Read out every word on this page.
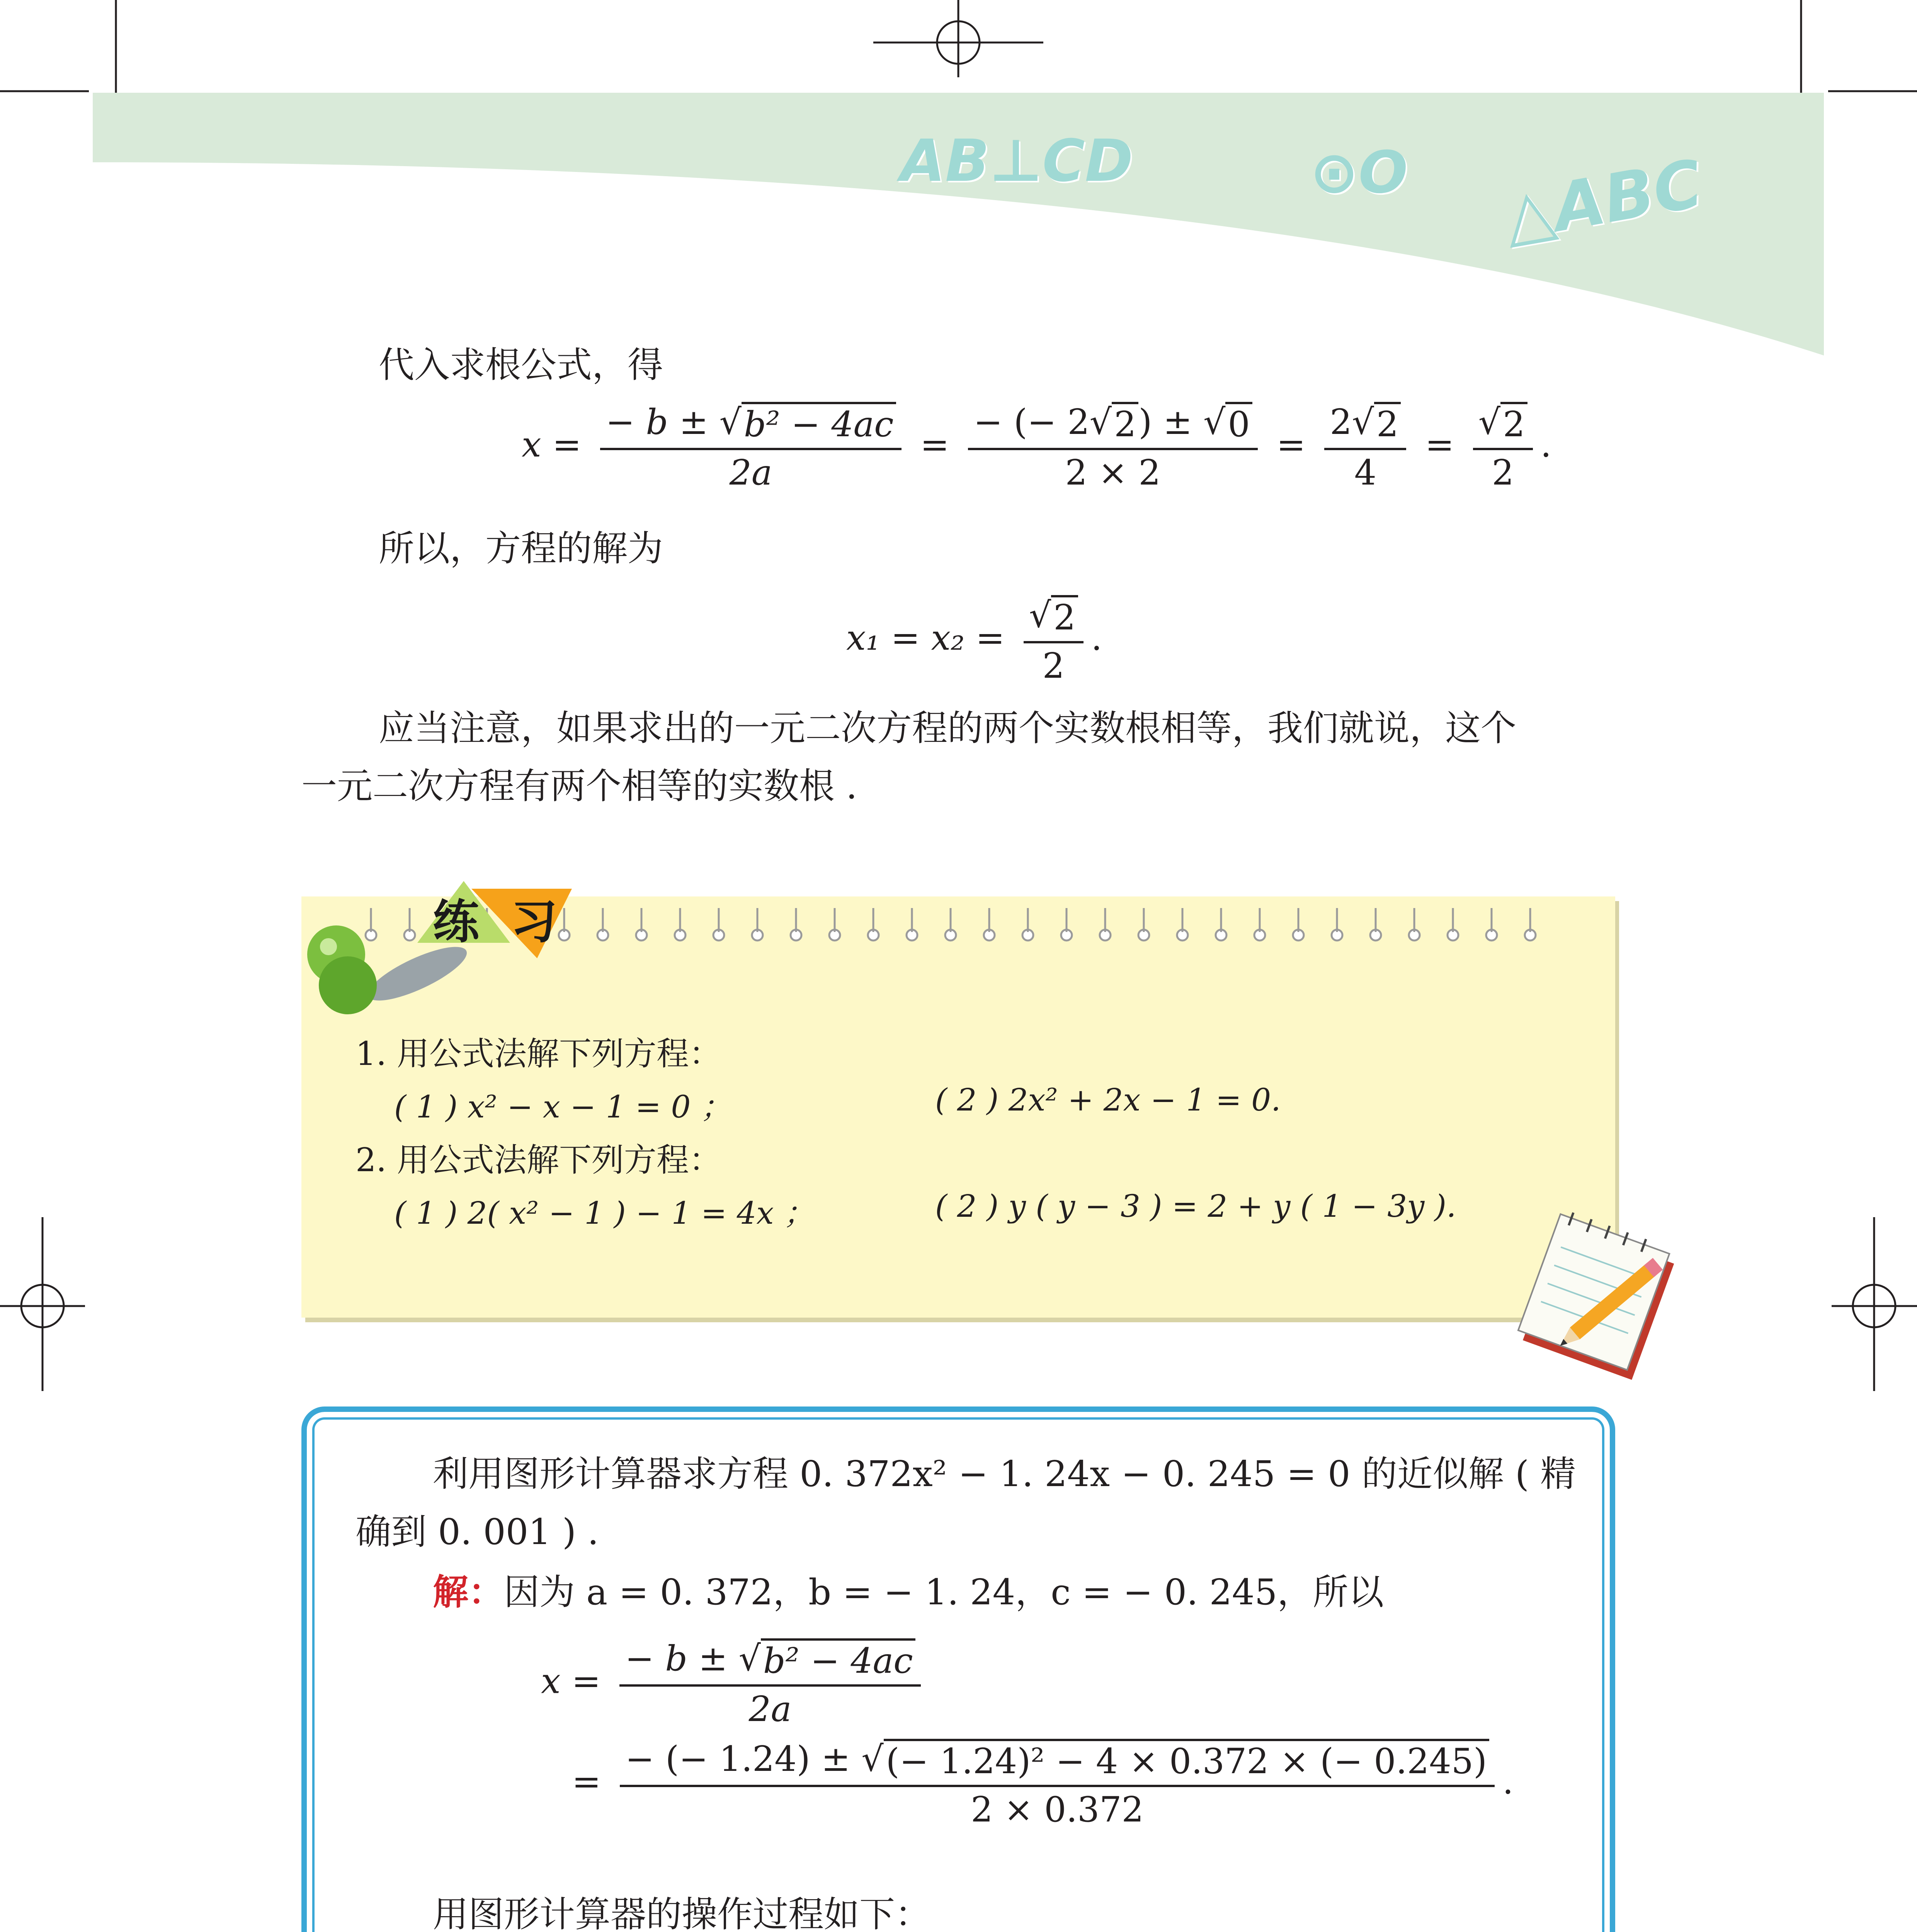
AB⊥CD	⊙O △ABC
代入求根公式，得
$x = \frac{\text{− b ± √ b² − 4ac}}{2a} = \frac{- (- 2√ 2 ) \pm √ 0}{2 \times 2} = \frac{2√ 2}{4} = \frac{√ 2}{2}$ .
所以，方程的解为
$x_1 = x_2 = \frac{√ 2}{2}$ .
应当注意，如果求出的一元二次方程的两个实数根相等，我们就说，这个
一元二次方程有两个相等的实数根 .
练 习
1. 用公式法解下列方程：
( 1 ) x² − x − 1 = 0 ；	( 2 ) 2x² + 2x − 1 = 0.
2. 用公式法解下列方程：
( 1 ) 2( x² − 1 ) − 1 = 4x ；	( 2 ) y ( y − 3 ) = 2 + y ( 1 − 3y ).
利用图形计算器求方程 0. 372x² − 1. 24x − 0. 245 = 0 的近似解 ( 精
确到 0. 001 ) .
解：因为 a = 0. 372，b = − 1. 24，c = − 0. 245，所以
$x = \frac{\text{− b ± √ b² − 4ac}}{2a}$
= $\frac{\text{− (− 1.24) ± √ (− 1.24)² − 4 × 0.372 × (− 0.245)}}{2 \times 0.372}$ .
用图形计算器的操作过程如下：
